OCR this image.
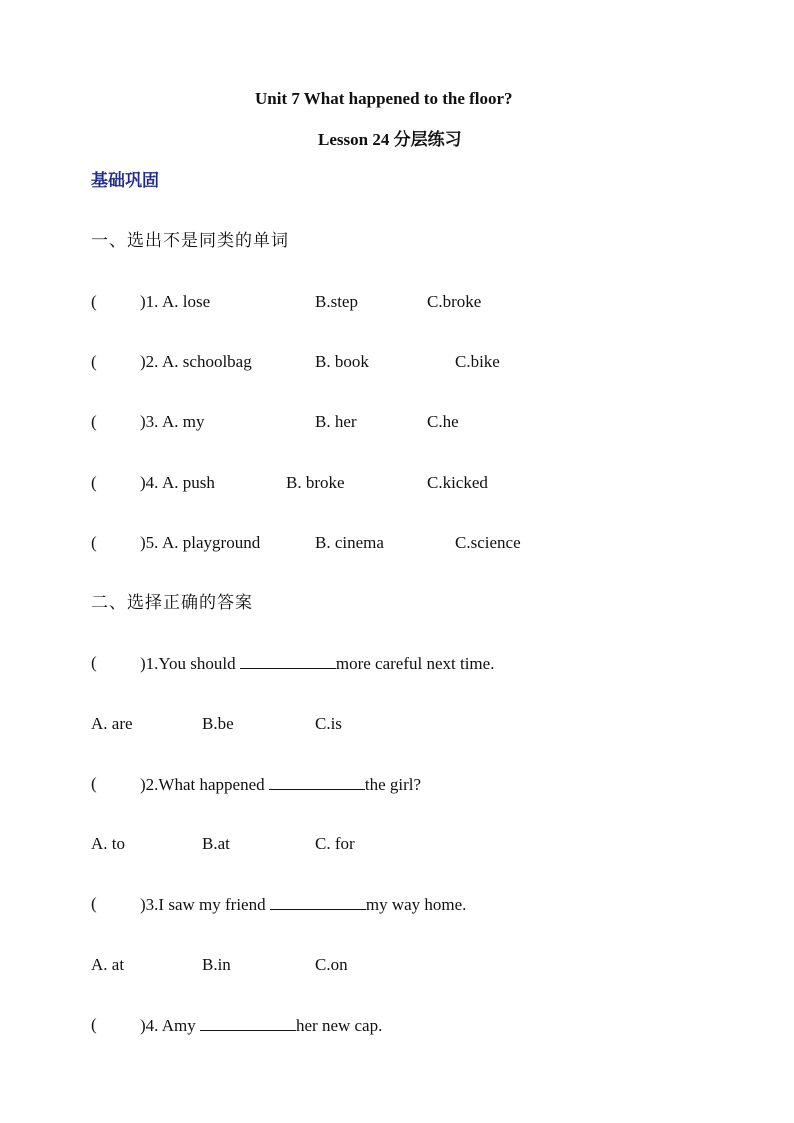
Unit 7 What happened to the floor?
Lesson 24 分层练习
基础巩固
一、选出不是同类的单词
(	)1. A. lose	B.step	C.broke
(	)2. A. schoolbag	B. book	C.bike
(	)3. A. my	B. her	C.he
(	)4. A. push	B. broke	C.kicked
(	)5. A. playground	B. cinema	C.science
二、选择正确的答案
(	)1.You should	more careful next time.
A. are	B.be	C.is
(	)2.What happened	the girl?
A. to	B.at	C. for
(	)3.I saw my friend	my way home.
A. at	B.in	C.on
(	)4. Amy	her new cap.
